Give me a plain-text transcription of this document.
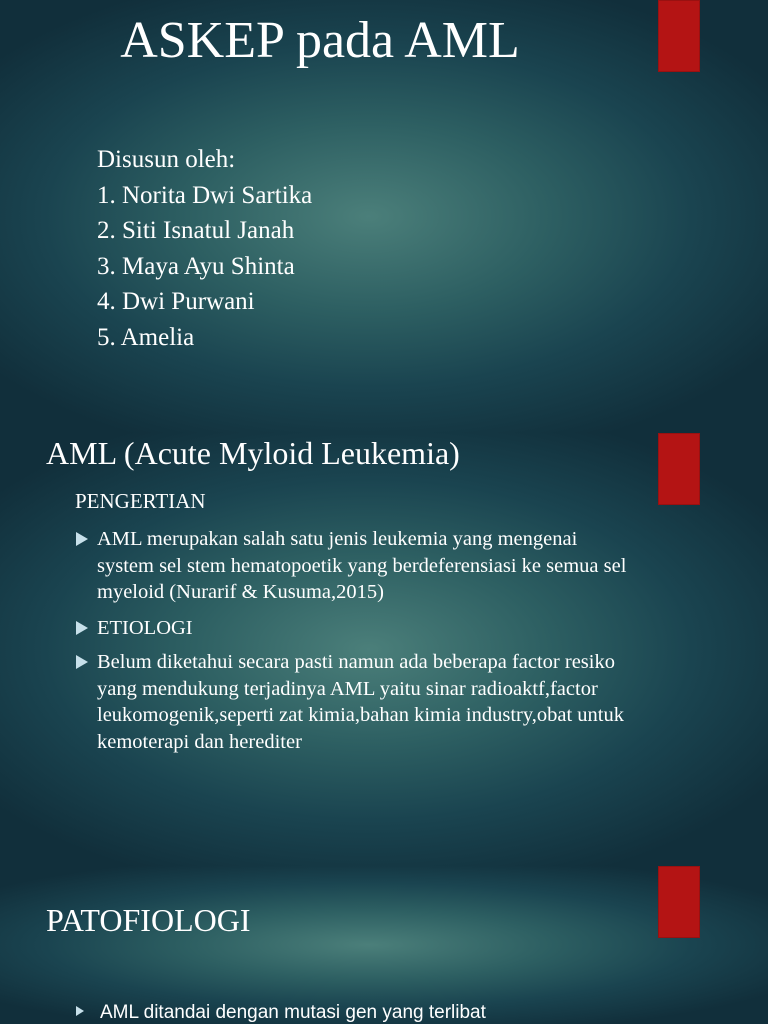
ASKEP pada AML
Disusun oleh:
1. Norita Dwi Sartika
2. Siti Isnatul Janah
3. Maya Ayu Shinta
4. Dwi Purwani
5. Amelia
AML (Acute Myloid Leukemia)
PENGERTIAN
AML merupakan salah satu jenis leukemia yang mengenai system sel stem hematopoetik yang berdeferensiasi ke semua sel myeloid (Nurarif & Kusuma,2015)
ETIOLOGI
Belum diketahui secara pasti namun ada beberapa factor resiko yang mendukung terjadinya AML yaitu sinar radioaktf,factor leukomogenik,seperti zat kimia,bahan kimia industry,obat untuk kemoterapi dan herediter
PATOFIOLOGI
AML ditandai dengan mutasi gen yang terlibat
